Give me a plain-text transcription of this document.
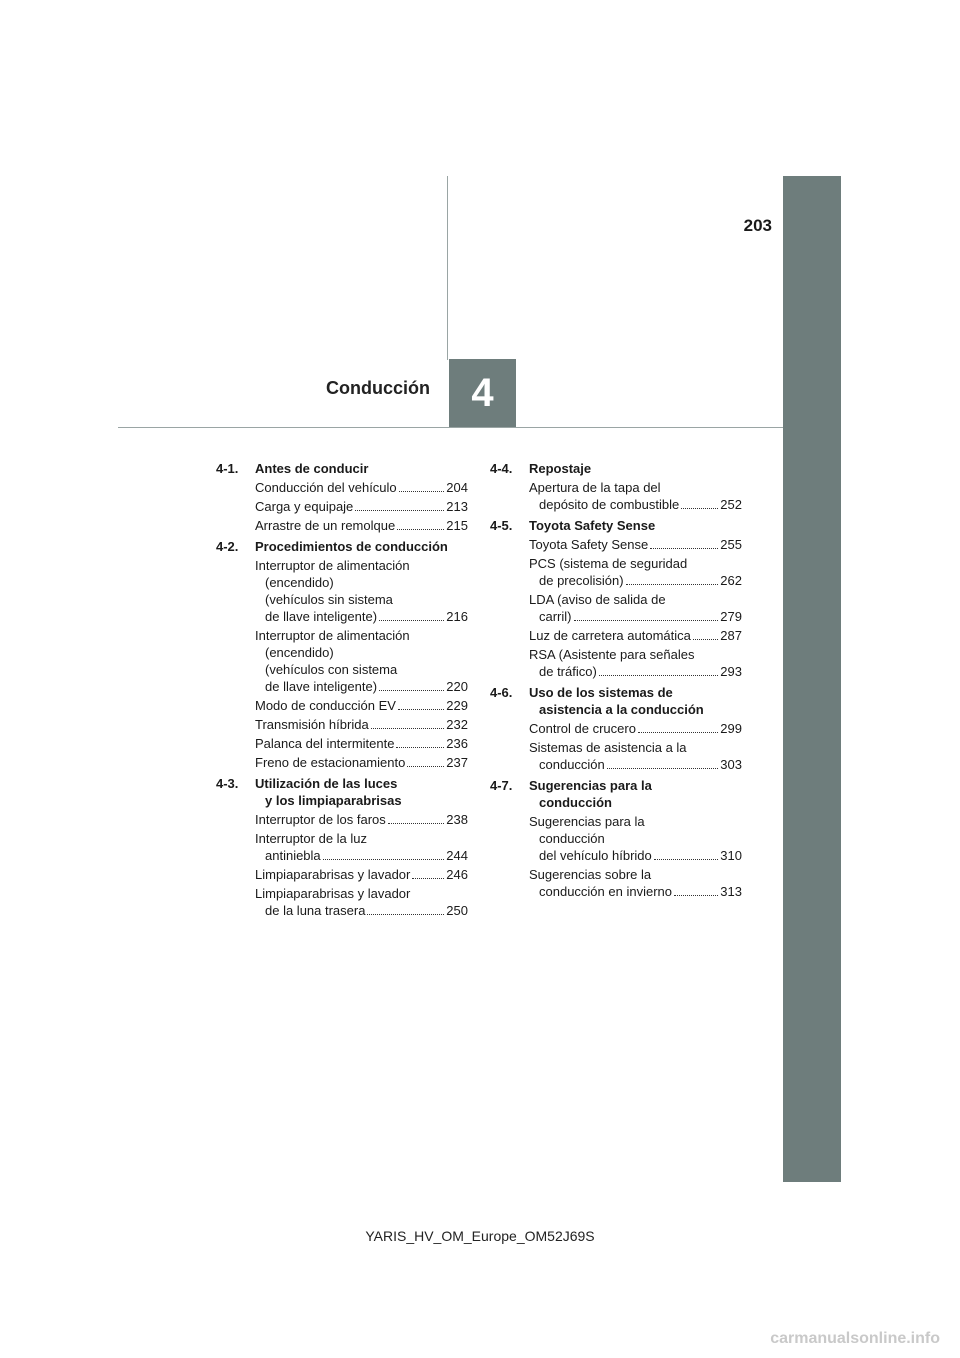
203
4
Conducción
4-1.	Antes de conducir
Conducción del vehículo	204
Carga y equipaje	213
Arrastre de un remolque	215
4-2.	Procedimientos de conducción
Interruptor de alimentación
(encendido)
(vehículos sin sistema
de llave inteligente)	216
Interruptor de alimentación
(encendido)
(vehículos con sistema
de llave inteligente)	220
Modo de conducción EV	229
Transmisión híbrida	232
Palanca del intermitente	236
Freno de estacionamiento	237
4-3.	Utilización de las luces

y los limpiaparabrisas
Interruptor de los faros	238
Interruptor de la luz
antiniebla	244
Limpiaparabrisas y lavador	246
Limpiaparabrisas y lavador
de la luna trasera	250
4-4.	Repostaje
Apertura de la tapa del
depósito de combustible	252
4-5.	Toyota Safety Sense
Toyota Safety Sense	255
PCS (sistema de seguridad
de precolisión)	262
LDA (aviso de salida de
carril)	279
Luz de carretera automática 287
RSA (Asistente para señales
de tráfico)	293
4-6.	Uso de los sistemas de

asistencia a la conducción
Control de crucero	299
Sistemas de asistencia a la
conducción	303
4-7.	Sugerencias para la

conducción
Sugerencias para la
conducción
del vehículo híbrido	310
Sugerencias sobre la
conducción en invierno	313
YARIS_HV_OM_Europe_OM52J69S
carmanualsonline.info
